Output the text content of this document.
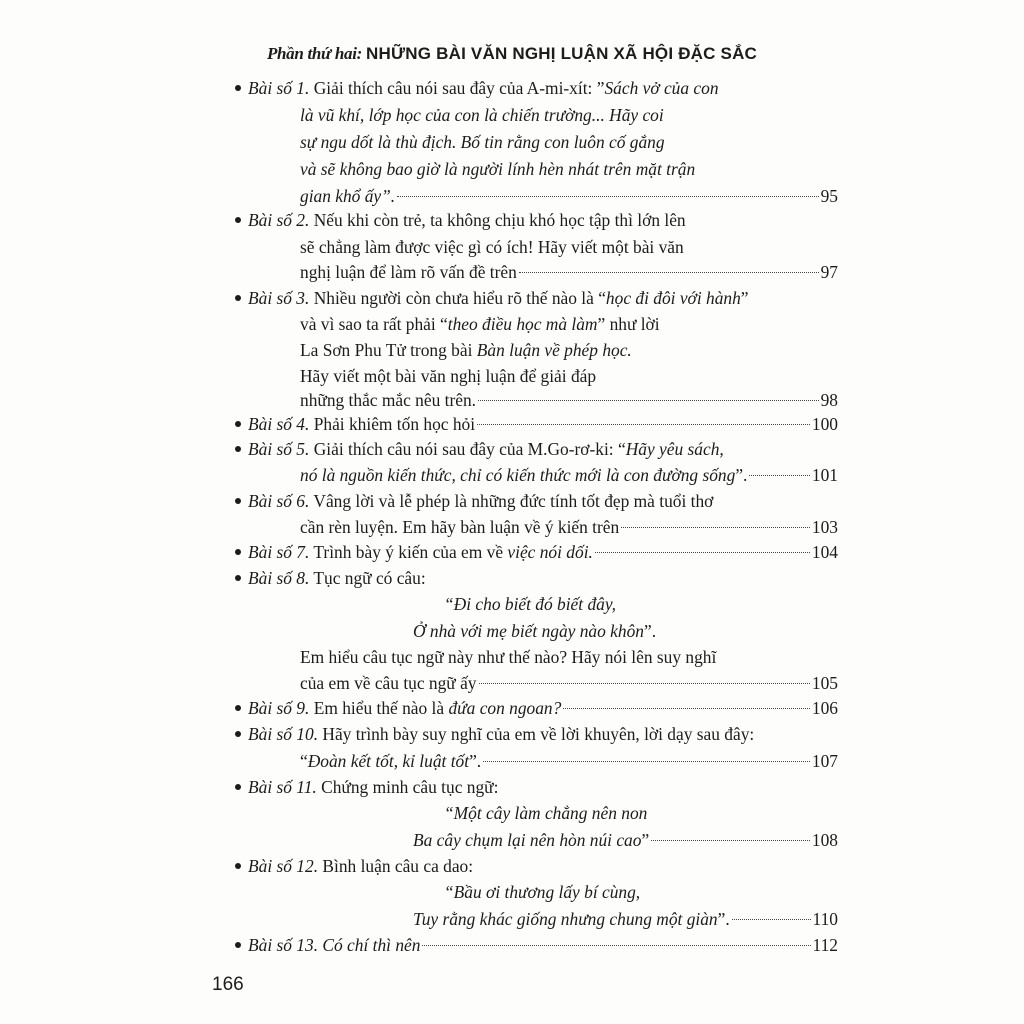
Phần thứ hai: NHỮNG BÀI VĂN NGHỊ LUẬN XÃ HỘI ĐẶC SẮC
Bài số 1. Giải thích câu nói sau đây của A-mi-xít: ”Sách vở của con
là vũ khí, lớp học của con là chiến trường... Hãy coi
sự ngu dốt là thù địch. Bố tin rằng con luôn cố gắng
và sẽ không bao giờ là người lính hèn nhát trên mặt trận
gian khổ ấy”.	95
Bài số 2. Nếu khi còn trẻ, ta không chịu khó học tập thì lớn lên
sẽ chẳng làm được việc gì có ích! Hãy viết một bài văn
nghị luận để làm rõ vấn đề trên	97
Bài số 3. Nhiều người còn chưa hiểu rõ thế nào là “học đi đôi với hành”
và vì sao ta rất phải “theo điều học mà làm” như lời
La Sơn Phu Tử trong bài Bàn luận về phép học.
Hãy viết một bài văn nghị luận để giải đáp
những thắc mắc nêu trên.	98
Bài số 4. Phải khiêm tốn học hỏi	100
Bài số 5. Giải thích câu nói sau đây của M.Go-rơ-ki: “Hãy yêu sách,
nó là nguồn kiến thức, chỉ có kiến thức mới là con đường sống”.	101
Bài số 6. Vâng lời và lễ phép là những đức tính tốt đẹp mà tuổi thơ
cần rèn luyện. Em hãy bàn luận về ý kiến trên	103
Bài số 7. Trình bày ý kiến của em về việc nói dối.	104
Bài số 8. Tục ngữ có câu:
“Đi cho biết đó biết đây,
Ở nhà với mẹ biết ngày nào khôn”.
Em hiểu câu tục ngữ này như thế nào? Hãy nói lên suy nghĩ
của em về câu tục ngữ ấy	105
Bài số 9. Em hiểu thế nào là đứa con ngoan?	106
Bài số 10. Hãy trình bày suy nghĩ của em về lời khuyên, lời dạy sau đây:
“Đoàn kết tốt, kỉ luật tốt”.	107
Bài số 11. Chứng minh câu tục ngữ:
“Một cây làm chẳng nên non
Ba cây chụm lại nên hòn núi cao”	108
Bài số 12. Bình luận câu ca dao:
“Bầu ơi thương lấy bí cùng,
Tuy rằng khác giống nhưng chung một giàn”.	110
Bài số 13. Có chí thì nên	112
166
